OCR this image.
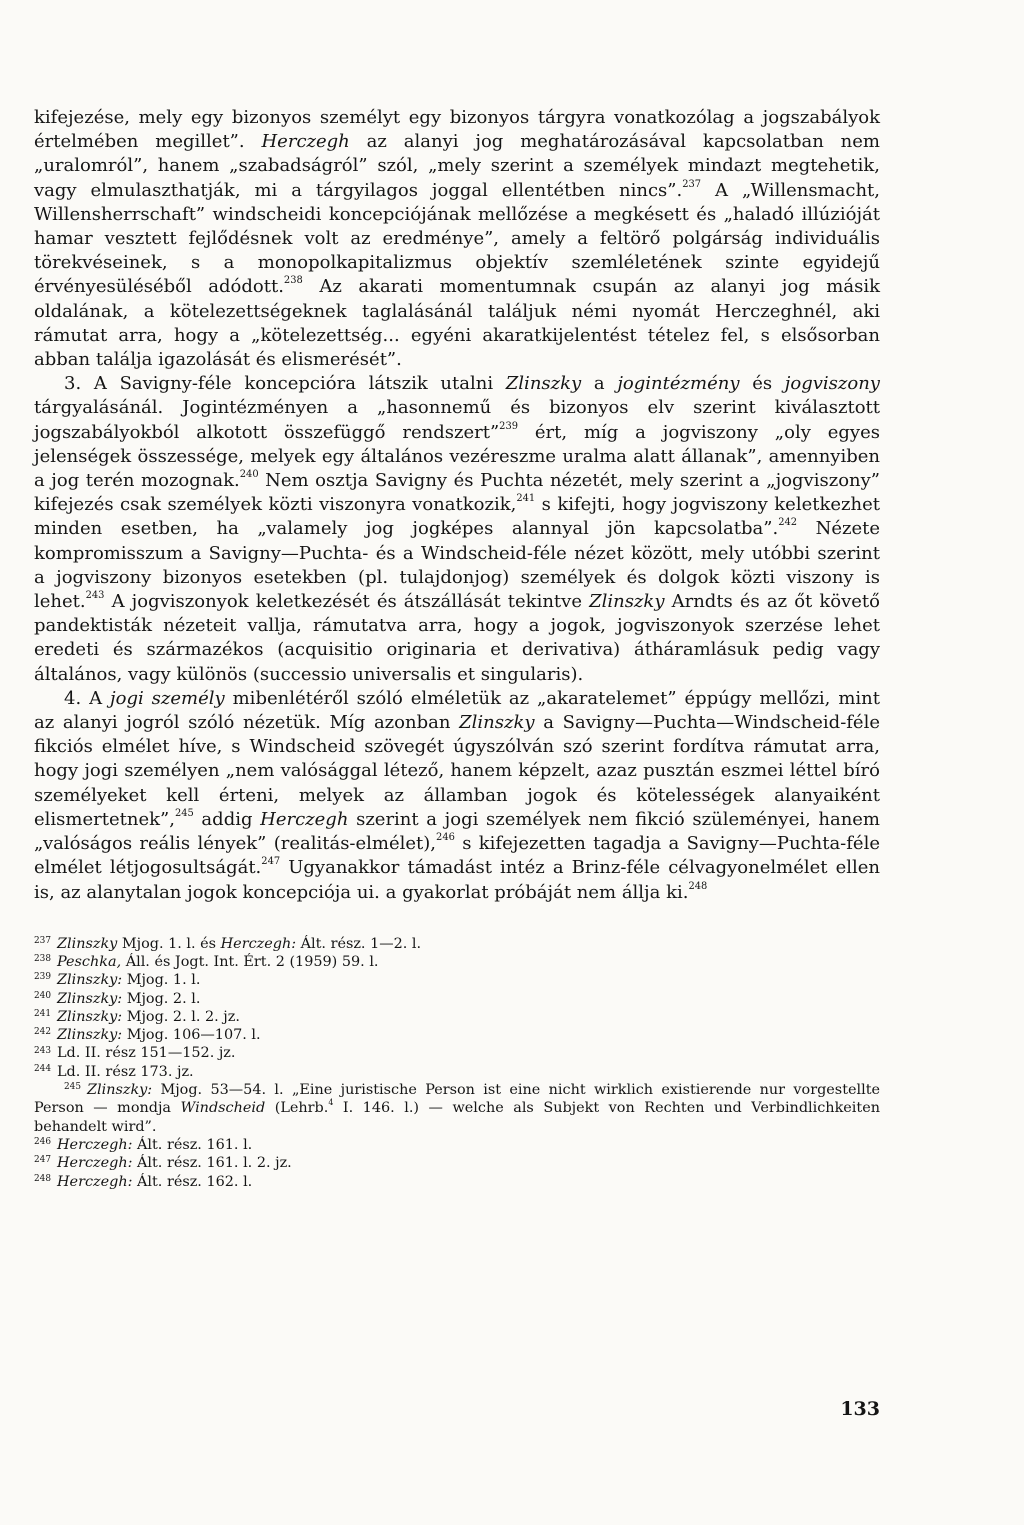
kifejezése, mely egy bizonyos személyt egy bizonyos tárgyra vonatkozólag a jogszabályok értelmében megillet”. Herczegh az alanyi jog meghatározásával kapcsolatban nem „uralomról”, hanem „szabadságról” szól, „mely szerint a személyek mindazt megtehetik, vagy elmulaszthatják, mi a tárgyilagos joggal ellentétben nincs”.$^{237}$ A „Willensmacht, Willensherrschaft” windscheidi koncepciójának mellőzése a megkésett és „haladó illúzióját hamar vesztett fejlődésnek volt az eredménye”, amely a feltörő polgárság individuális törekvéseinek, s a monopolkapitalizmus objektív szemléletének szinte egyidejű érvényesüléséből adódott.$^{238}$ Az akarati momentumnak csupán az alanyi jog másik oldalának, a kötelezettségeknek taglalásánál találjuk némi nyomát Herczeghnél, aki rámutat arra, hogy a „kötelezettség... egyéni akaratkijelentést tételez fel, s elsősorban abban találja igazolását és elismerését”.

3. A Savigny-féle koncepcióra látszik utalni Zlinszky a jogintézmény és jogviszony tárgyalásánál. Jogintézményen a „hasonnemű és bizonyos elv szerint kiválasztott jogszabályokból alkotott összefüggő rendszert”$^{239}$ ért, míg a jogviszony „oly egyes jelenségek összessége, melyek egy általános vezéreszme uralma alatt állanak”, amennyiben a jog terén mozognak.$^{240}$ Nem osztja Savigny és Puchta nézetét, mely szerint a „jogviszony” kifejezés csak személyek közti viszonyra vonatkozik,$^{241}$ s kifejti, hogy jogviszony keletkezhet minden esetben, ha „valamely jog jogképes alannyal jön kapcsolatba”.$^{242}$ Nézete kompromisszum a Savigny—Puchta- és a Windscheid-féle nézet között, mely utóbbi szerint a jogviszony bizonyos esetekben (pl. tulajdonjog) személyek és dolgok közti viszony is lehet.$^{243}$ A jogviszonyok keletkezését és átszállását tekintve Zlinszky Arndts és az őt követő pandektisták nézeteit vallja, rámutatva arra, hogy a jogok, jogviszonyok szerzése lehet eredeti és származékos (acquisitio originaria et derivativa) átháramlásuk pedig vagy általános, vagy különös (successio universalis et singularis).

4. A jogi személy mibenlétéről szóló elméletük az „akaratelemet” éppúgy mellőzi, mint az alanyi jogról szóló nézetük. Míg azonban Zlinszky a Savigny—Puchta—Windscheid-féle fikciós elmélet híve, s Windscheid szövegét úgyszólván szó szerint fordítva rámutat arra, hogy jogi személyen „nem valósággal létező, hanem képzelt, azaz pusztán eszmei léttel bíró személyeket kell érteni, melyek az államban jogok és kötelességek alanyaiként elismertetnek”,$^{245}$ addig Herczegh szerint a jogi személyek nem fikció szüleményei, hanem „valóságos reális lények” (realitás-elmélet),$^{246}$ s kifejezetten tagadja a Savigny—Puchta-féle elmélet létjogosultságát.$^{247}$ Ugyanakkor támadást intéz a Brinz-féle célvagyonelmélet ellen is, az alanytalan jogok koncepciója ui. a gyakorlat próbáját nem állja ki.$^{248}$

$^{237}$ Zlinszky Mjog. 1. l. és Herczegh: Ált. rész. 1—2. l.
$^{238}$ Peschka, Áll. és Jogt. Int. Ért. 2 (1959) 59. l.
$^{239}$ Zlinszky: Mjog. 1. l.
$^{240}$ Zlinszky: Mjog. 2. l.
$^{241}$ Zlinszky: Mjog. 2. l. 2. jz.
$^{242}$ Zlinszky: Mjog. 106—107. l.
$^{243}$ Ld. II. rész 151—152. jz.
$^{244}$ Ld. II. rész 173. jz.
$^{245}$ Zlinszky: Mjog. 53—54. l. „Eine juristische Person ist eine nicht wirklich existierende nur vorgestellte Person — mondja Windscheid (Lehrb.$^4$ I. 146. l.) — welche als Subjekt von Rechten und Verbindlichkeiten behandelt wird”.
$^{246}$ Herczegh: Ált. rész. 161. l.
$^{247}$ Herczegh: Ált. rész. 161. l. 2. jz.
$^{248}$ Herczegh: Ált. rész. 162. l.
133
